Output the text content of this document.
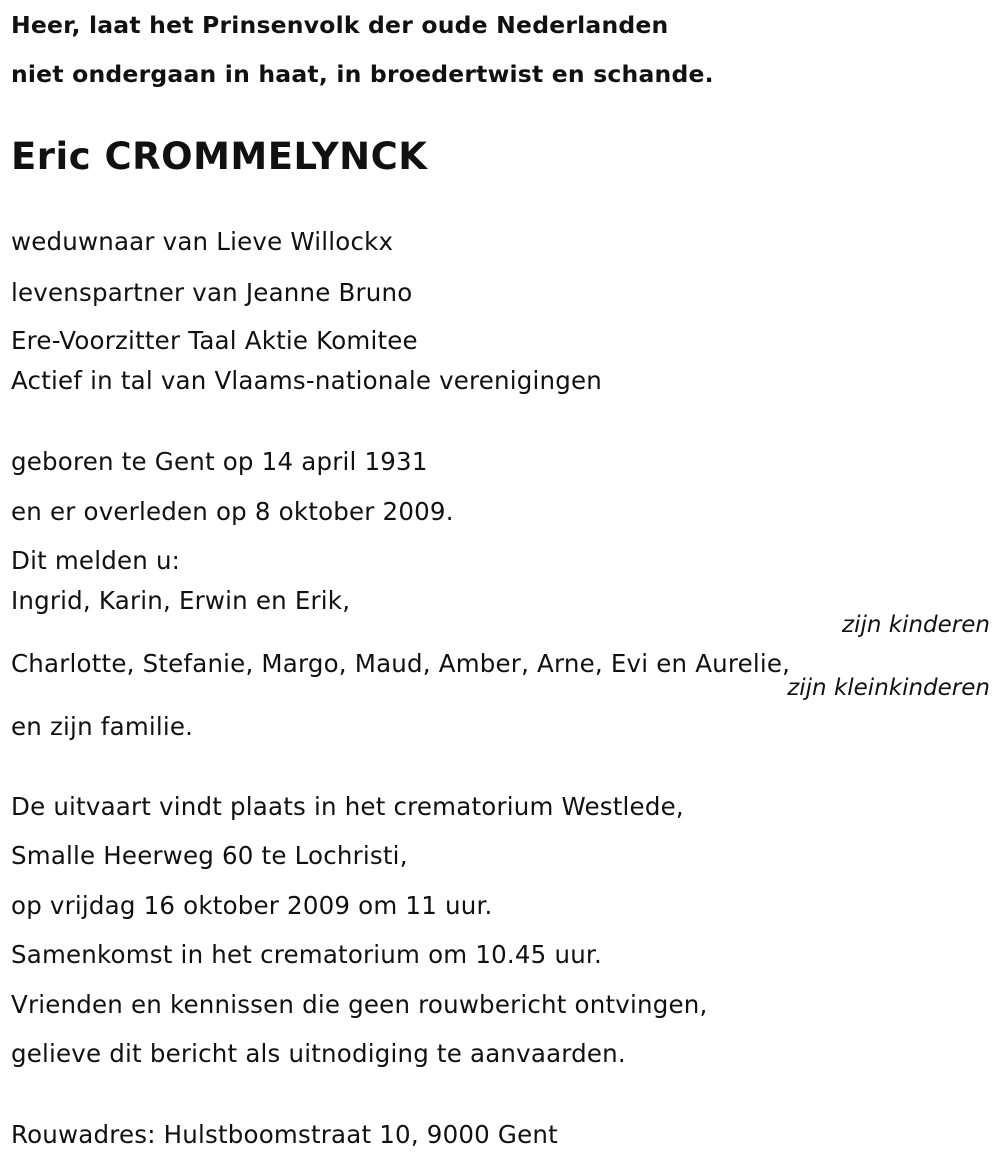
Heer, laat het Prinsenvolk der oude Nederlanden
niet ondergaan in haat, in broedertwist en schande.
Eric CROMMELYNCK
weduwnaar van Lieve Willockx
levenspartner van Jeanne Bruno
Ere-Voorzitter Taal Aktie Komitee
Actief in tal van Vlaams-nationale verenigingen
geboren te Gent op 14 april 1931
en er overleden op 8 oktober 2009.
Dit melden u:
Ingrid, Karin, Erwin en Erik,
zijn kinderen
Charlotte, Stefanie, Margo, Maud, Amber, Arne, Evi en Aurelie,
zijn kleinkinderen
en zijn familie.
De uitvaart vindt plaats in het crematorium Westlede,
Smalle Heerweg 60 te Lochristi,
op vrijdag 16 oktober 2009 om 11 uur.
Samenkomst in het crematorium om 10.45 uur.
Vrienden en kennissen die geen rouwbericht ontvingen,
gelieve dit bericht als uitnodiging te aanvaarden.
Rouwadres: Hulstboomstraat 10, 9000 Gent
